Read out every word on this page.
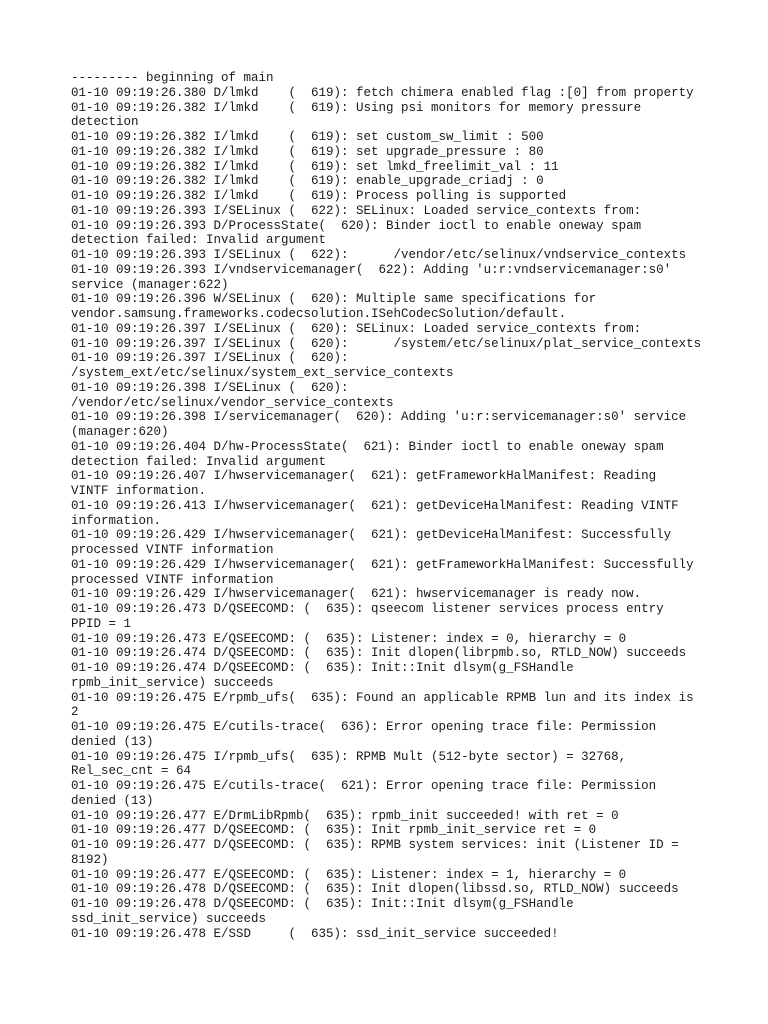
--------- beginning of main
01-10 09:19:26.380 D/lmkd    (  619): fetch chimera enabled flag :[0] from property
01-10 09:19:26.382 I/lmkd    (  619): Using psi monitors for memory pressure
detection
01-10 09:19:26.382 I/lmkd    (  619): set custom_sw_limit : 500
01-10 09:19:26.382 I/lmkd    (  619): set upgrade_pressure : 80
01-10 09:19:26.382 I/lmkd    (  619): set lmkd_freelimit_val : 11
01-10 09:19:26.382 I/lmkd    (  619): enable_upgrade_criadj : 0
01-10 09:19:26.382 I/lmkd    (  619): Process polling is supported
01-10 09:19:26.393 I/SELinux (  622): SELinux: Loaded service_contexts from:
01-10 09:19:26.393 D/ProcessState(  620): Binder ioctl to enable oneway spam
detection failed: Invalid argument
01-10 09:19:26.393 I/SELinux (  622):      /vendor/etc/selinux/vndservice_contexts
01-10 09:19:26.393 I/vndservicemanager(  622): Adding 'u:r:vndservicemanager:s0'
service (manager:622)
01-10 09:19:26.396 W/SELinux (  620): Multiple same specifications for
vendor.samsung.frameworks.codecsolution.ISehCodecSolution/default.
01-10 09:19:26.397 I/SELinux (  620): SELinux: Loaded service_contexts from:
01-10 09:19:26.397 I/SELinux (  620):      /system/etc/selinux/plat_service_contexts
01-10 09:19:26.397 I/SELinux (  620):
/system_ext/etc/selinux/system_ext_service_contexts
01-10 09:19:26.398 I/SELinux (  620):
/vendor/etc/selinux/vendor_service_contexts
01-10 09:19:26.398 I/servicemanager(  620): Adding 'u:r:servicemanager:s0' service
(manager:620)
01-10 09:19:26.404 D/hw-ProcessState(  621): Binder ioctl to enable oneway spam
detection failed: Invalid argument
01-10 09:19:26.407 I/hwservicemanager(  621): getFrameworkHalManifest: Reading
VINTF information.
01-10 09:19:26.413 I/hwservicemanager(  621): getDeviceHalManifest: Reading VINTF
information.
01-10 09:19:26.429 I/hwservicemanager(  621): getDeviceHalManifest: Successfully
processed VINTF information
01-10 09:19:26.429 I/hwservicemanager(  621): getFrameworkHalManifest: Successfully
processed VINTF information
01-10 09:19:26.429 I/hwservicemanager(  621): hwservicemanager is ready now.
01-10 09:19:26.473 D/QSEECOMD: (  635): qseecom listener services process entry
PPID = 1
01-10 09:19:26.473 E/QSEECOMD: (  635): Listener: index = 0, hierarchy = 0
01-10 09:19:26.474 D/QSEECOMD: (  635): Init dlopen(librpmb.so, RTLD_NOW) succeeds
01-10 09:19:26.474 D/QSEECOMD: (  635): Init::Init dlsym(g_FSHandle
rpmb_init_service) succeeds
01-10 09:19:26.475 E/rpmb_ufs(  635): Found an applicable RPMB lun and its index is
2
01-10 09:19:26.475 E/cutils-trace(  636): Error opening trace file: Permission
denied (13)
01-10 09:19:26.475 I/rpmb_ufs(  635): RPMB Mult (512-byte sector) = 32768,
Rel_sec_cnt = 64
01-10 09:19:26.475 E/cutils-trace(  621): Error opening trace file: Permission
denied (13)
01-10 09:19:26.477 E/DrmLibRpmb(  635): rpmb_init succeeded! with ret = 0
01-10 09:19:26.477 D/QSEECOMD: (  635): Init rpmb_init_service ret = 0
01-10 09:19:26.477 D/QSEECOMD: (  635): RPMB system services: init (Listener ID =
8192)
01-10 09:19:26.477 E/QSEECOMD: (  635): Listener: index = 1, hierarchy = 0
01-10 09:19:26.478 D/QSEECOMD: (  635): Init dlopen(libssd.so, RTLD_NOW) succeeds
01-10 09:19:26.478 D/QSEECOMD: (  635): Init::Init dlsym(g_FSHandle
ssd_init_service) succeeds
01-10 09:19:26.478 E/SSD     (  635): ssd_init_service succeeded!
